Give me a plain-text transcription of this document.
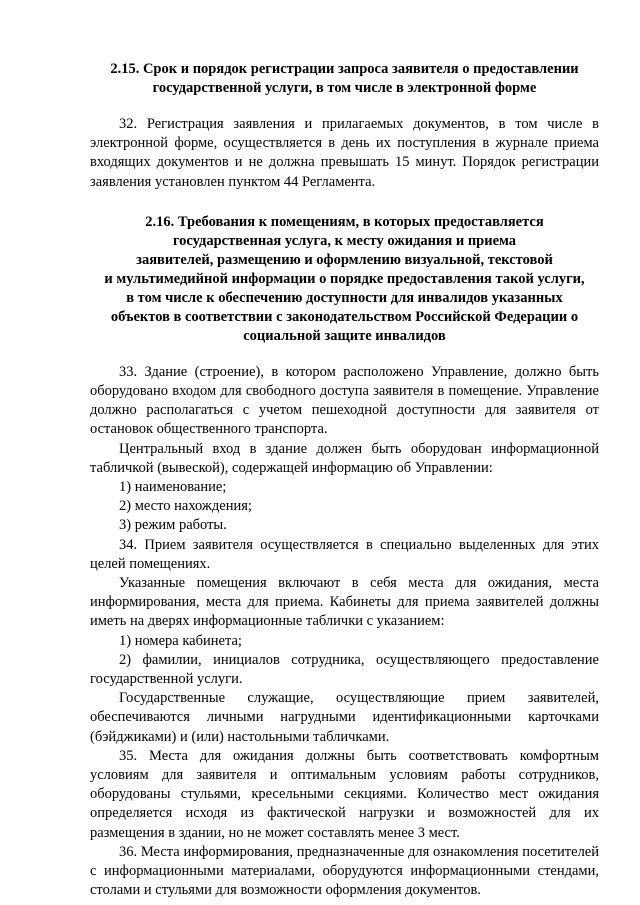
2.15. Срок и порядок регистрации запроса заявителя о предоставлении
государственной услуги, в том числе в электронной форме

32. Регистрация заявления и прилагаемых документов, в том числе в электронной форме, осуществляется в день их поступления в журнале приема входящих документов и не должна превышать 15 минут. Порядок регистрации заявления установлен пунктом 44 Регламента.

2.16. Требования к помещениям, в которых предоставляется
государственная услуга, к месту ожидания и приема
заявителей, размещению и оформлению визуальной, текстовой
и мультимедийной информации о порядке предоставления такой услуги,
в том числе к обеспечению доступности для инвалидов указанных
объектов в соответствии с законодательством Российской Федерации о
социальной защите инвалидов

33. Здание (строение), в котором расположено Управление, должно быть оборудовано входом для свободного доступа заявителя в помещение. Управление должно располагаться с учетом пешеходной доступности для заявителя от остановок общественного транспорта.

Центральный вход в здание должен быть оборудован информационной табличкой (вывеской), содержащей информацию об Управлении:

1) наименование;

2) место нахождения;

3) режим работы.

34. Прием заявителя осуществляется в специально выделенных для этих целей помещениях.

Указанные помещения включают в себя места для ожидания, места информирования, места для приема. Кабинеты для приема заявителей должны иметь на дверях информационные таблички с указанием:

1) номера кабинета;

2) фамилии, инициалов сотрудника, осуществляющего предоставление государственной услуги.

Государственные служащие, осуществляющие прием заявителей, обеспечиваются личными нагрудными идентификационными карточками (бэйджиками) и (или) настольными табличками.

35. Места для ожидания должны быть соответствовать комфортным условиям для заявителя и оптимальным условиям работы сотрудников, оборудованы стульями, кресельными секциями. Количество мест ожидания определяется исходя из фактической нагрузки и возможностей для их размещения в здании, но не может составлять менее 3 мест.

36. Места информирования, предназначенные для ознакомления посетителей с информационными материалами, оборудуются информационными стендами, столами и стульями для возможности оформления документов.
